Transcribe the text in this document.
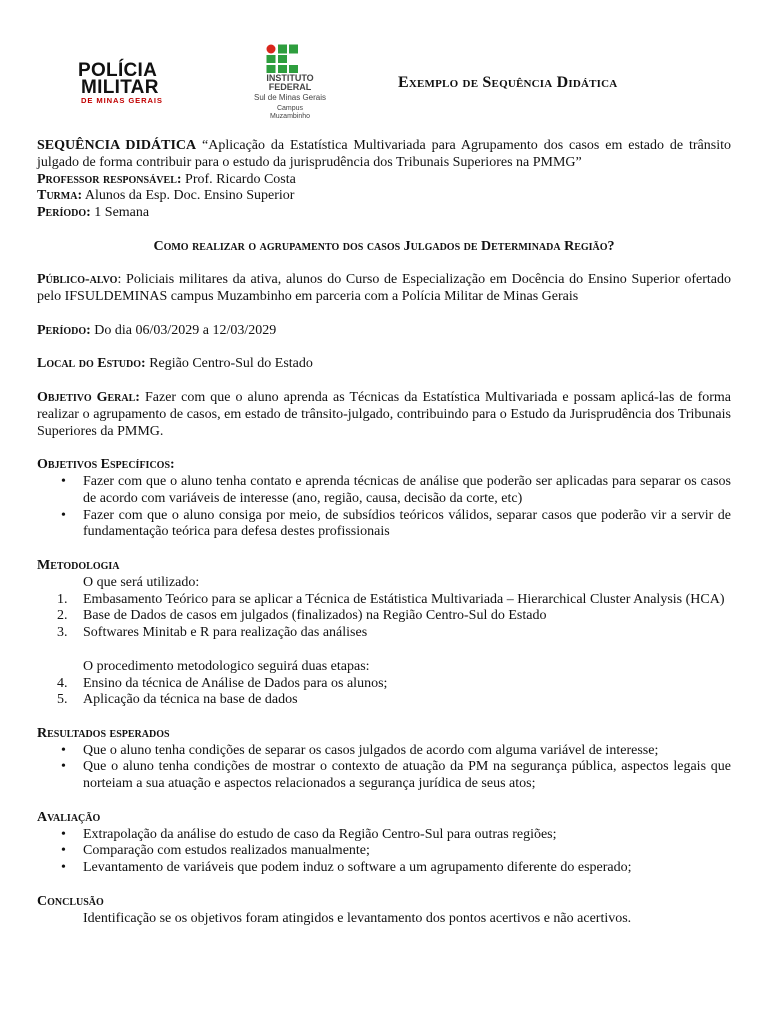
POLÍCIA
MILITAR
DE MINAS GERAIS
INSTITUTO
FEDERAL
Sul de Minas Gerais
Campus
Muzambinho
Exemplo de Sequência Didática

SEQUÊNCIA DIDÁTICA “Aplicação da Estatística Multivariada para Agrupamento dos casos em estado de trânsito julgado de forma contribuir para o estudo da jurisprudência dos Tribunais Superiores na PMMG”

Professor responsável: Prof. Ricardo Costa

Turma: Alunos da Esp. Doc. Ensino Superior

Período: 1 Semana

Como realizar o agrupamento dos casos Julgados de Determinada Região?

Público-alvo: Policiais militares da ativa, alunos do Curso de Especialização em Docência do Ensino Superior ofertado pelo IFSULDEMINAS campus Muzambinho em parceria com a Polícia Militar de Minas Gerais

Período: Do dia 06/03/2029 a 12/03/2029

Local do Estudo: Região Centro-Sul do Estado

Objetivo Geral: Fazer com que o aluno aprenda as Técnicas da Estatística Multivariada e possam aplicá-las de forma realizar o agrupamento de casos, em estado de trânsito-julgado, contribuindo para o Estudo da Jurisprudência dos Tribunais Superiores da PMMG.

Objetivos Específicos:

• Fazer com que o aluno tenha contato e aprenda técnicas de análise que poderão ser aplicadas para separar os casos de acordo com variáveis de interesse (ano, região, causa, decisão da corte, etc)
• Fazer com que o aluno consiga por meio, de subsídios teóricos válidos, separar casos que poderão vir a servir de fundamentação teórica para defesa destes profissionais

Metodologia

O que será utilizado:

1. Embasamento Teórico para se aplicar a Técnica de Estátistica Multivariada – Hierarchical Cluster Analysis (HCA)
2. Base de Dados de casos em julgados (finalizados) na Região Centro-Sul do Estado
3. Softwares Minitab e R para realização das análises

O procedimento metodologico seguirá duas etapas:

4. Ensino da técnica de Análise de Dados para os alunos;
5. Aplicação da técnica na base de dados

Resultados esperados

• Que o aluno tenha condições de separar os casos julgados de acordo com alguma variável de interesse;
• Que o aluno tenha condições de mostrar o contexto de atuação da PM na segurança pública, aspectos legais que norteiam a sua atuação e aspectos relacionados a segurança jurídica de seus atos;

Avaliação

• Extrapolação da análise do estudo de caso da Região Centro-Sul para outras regiões;
• Comparação com estudos realizados manualmente;
• Levantamento de variáveis que podem induz o software a um agrupamento diferente do esperado;

Conclusão

Identificação se os objetivos foram atingidos e levantamento dos pontos acertivos e não acertivos.
